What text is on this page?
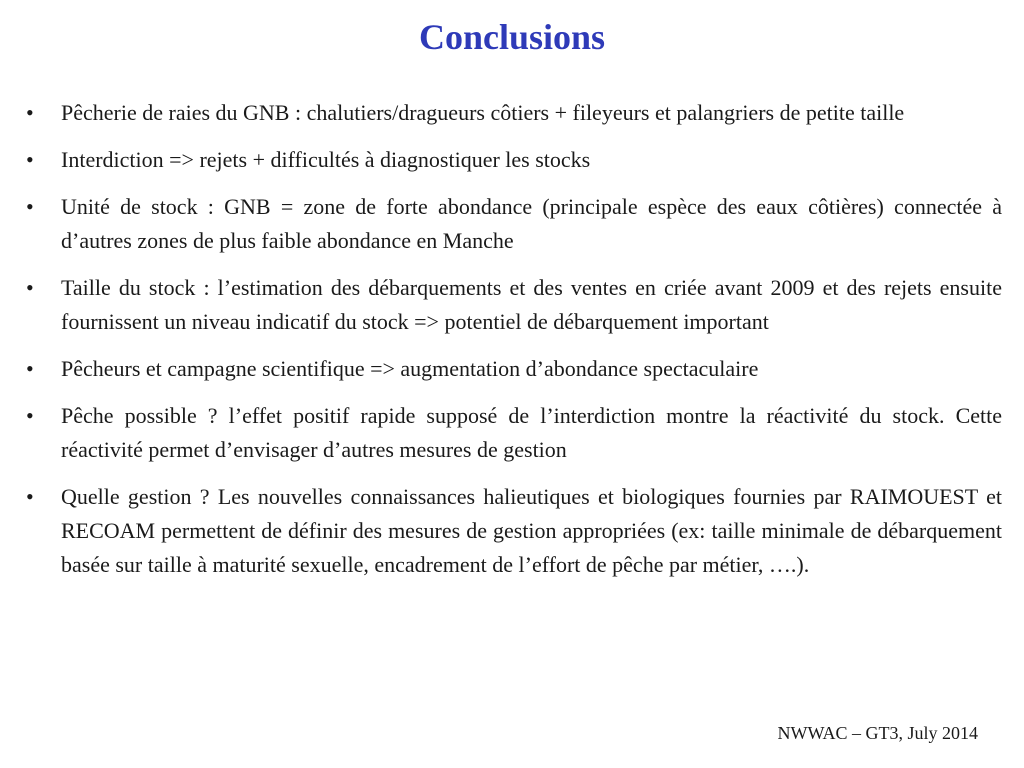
Conclusions
•	Pêcherie de raies du GNB : chalutiers/dragueurs côtiers + fileyeurs et palangriers de petite taille
•	Interdiction => rejets + difficultés à diagnostiquer les stocks
•	Unité de stock : GNB = zone de forte abondance (principale espèce des eaux côtières) connectée à d’autres zones de plus faible abondance en Manche
•	Taille du stock : l’estimation des débarquements et des ventes en criée avant 2009 et des rejets ensuite fournissent un niveau indicatif du stock => potentiel de débarquement important
•	Pêcheurs et campagne scientifique => augmentation d’abondance spectaculaire
•	Pêche possible ? l’effet positif rapide supposé de l’interdiction montre la réactivité du stock. Cette réactivité permet d’envisager d’autres mesures de gestion
•	Quelle gestion ? Les nouvelles connaissances halieutiques et biologiques fournies par RAIMOUEST et RECOAM permettent de définir des mesures de gestion appropriées (ex: taille minimale de débarquement basée sur taille à maturité sexuelle, encadrement de l’effort de pêche par métier, ….).
NWWAC – GT3, July 2014
